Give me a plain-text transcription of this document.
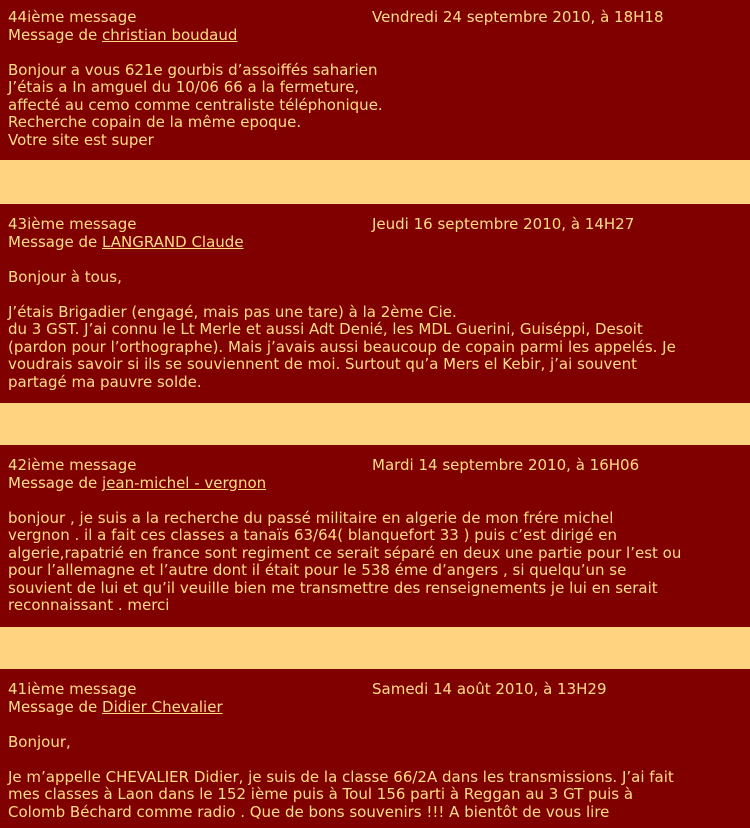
44ième message	Vendredi 24 septembre 2010, à 18H18
Message de christian boudaud

Bonjour a vous 621e gourbis d’assoiffés saharien
J’étais a In amguel du 10/06 66 a la fermeture,
affecté au cemo comme centraliste téléphonique.
Recherche copain de la même epoque.
Votre site est super

43ième message	Jeudi 16 septembre 2010, à 14H27
Message de LANGRAND Claude

Bonjour à tous,

J’étais Brigadier (engagé, mais pas une tare) à la 2ème Cie.
du 3 GST. J’ai connu le Lt Merle et aussi Adt Denié, les MDL Guerini, Guiséppi, Desoit
(pardon pour l’orthographe). Mais j’avais aussi beaucoup de copain parmi les appelés. Je
voudrais savoir si ils se souviennent de moi. Surtout qu’a Mers el Kebir, j’ai souvent
partagé ma pauvre solde.

42ième message	Mardi 14 septembre 2010, à 16H06
Message de jean-michel - vergnon

bonjour , je suis a la recherche du passé militaire en algerie de mon frére michel
vergnon . il a fait ces classes a tanaïs 63/64( blanquefort 33 ) puis c’est dirigé en
algerie,rapatrié en france sont regiment ce serait séparé en deux une partie pour l’est ou
pour l’allemagne et l’autre dont il était pour le 538 éme d’angers , si quelqu’un se
souvient de lui et qu’il veuille bien me transmettre des renseignements je lui en serait
reconnaissant . merci

41ième message	Samedi 14 août 2010, à 13H29
Message de Didier Chevalier

Bonjour,

Je m’appelle CHEVALIER Didier, je suis de la classe 66/2A dans les transmissions. J’ai fait
mes classes à Laon dans le 152 ième puis à Toul 156 parti à Reggan au 3 GT puis à
Colomb Béchard comme radio . Que de bons souvenirs !!! A bientôt de vous lire
